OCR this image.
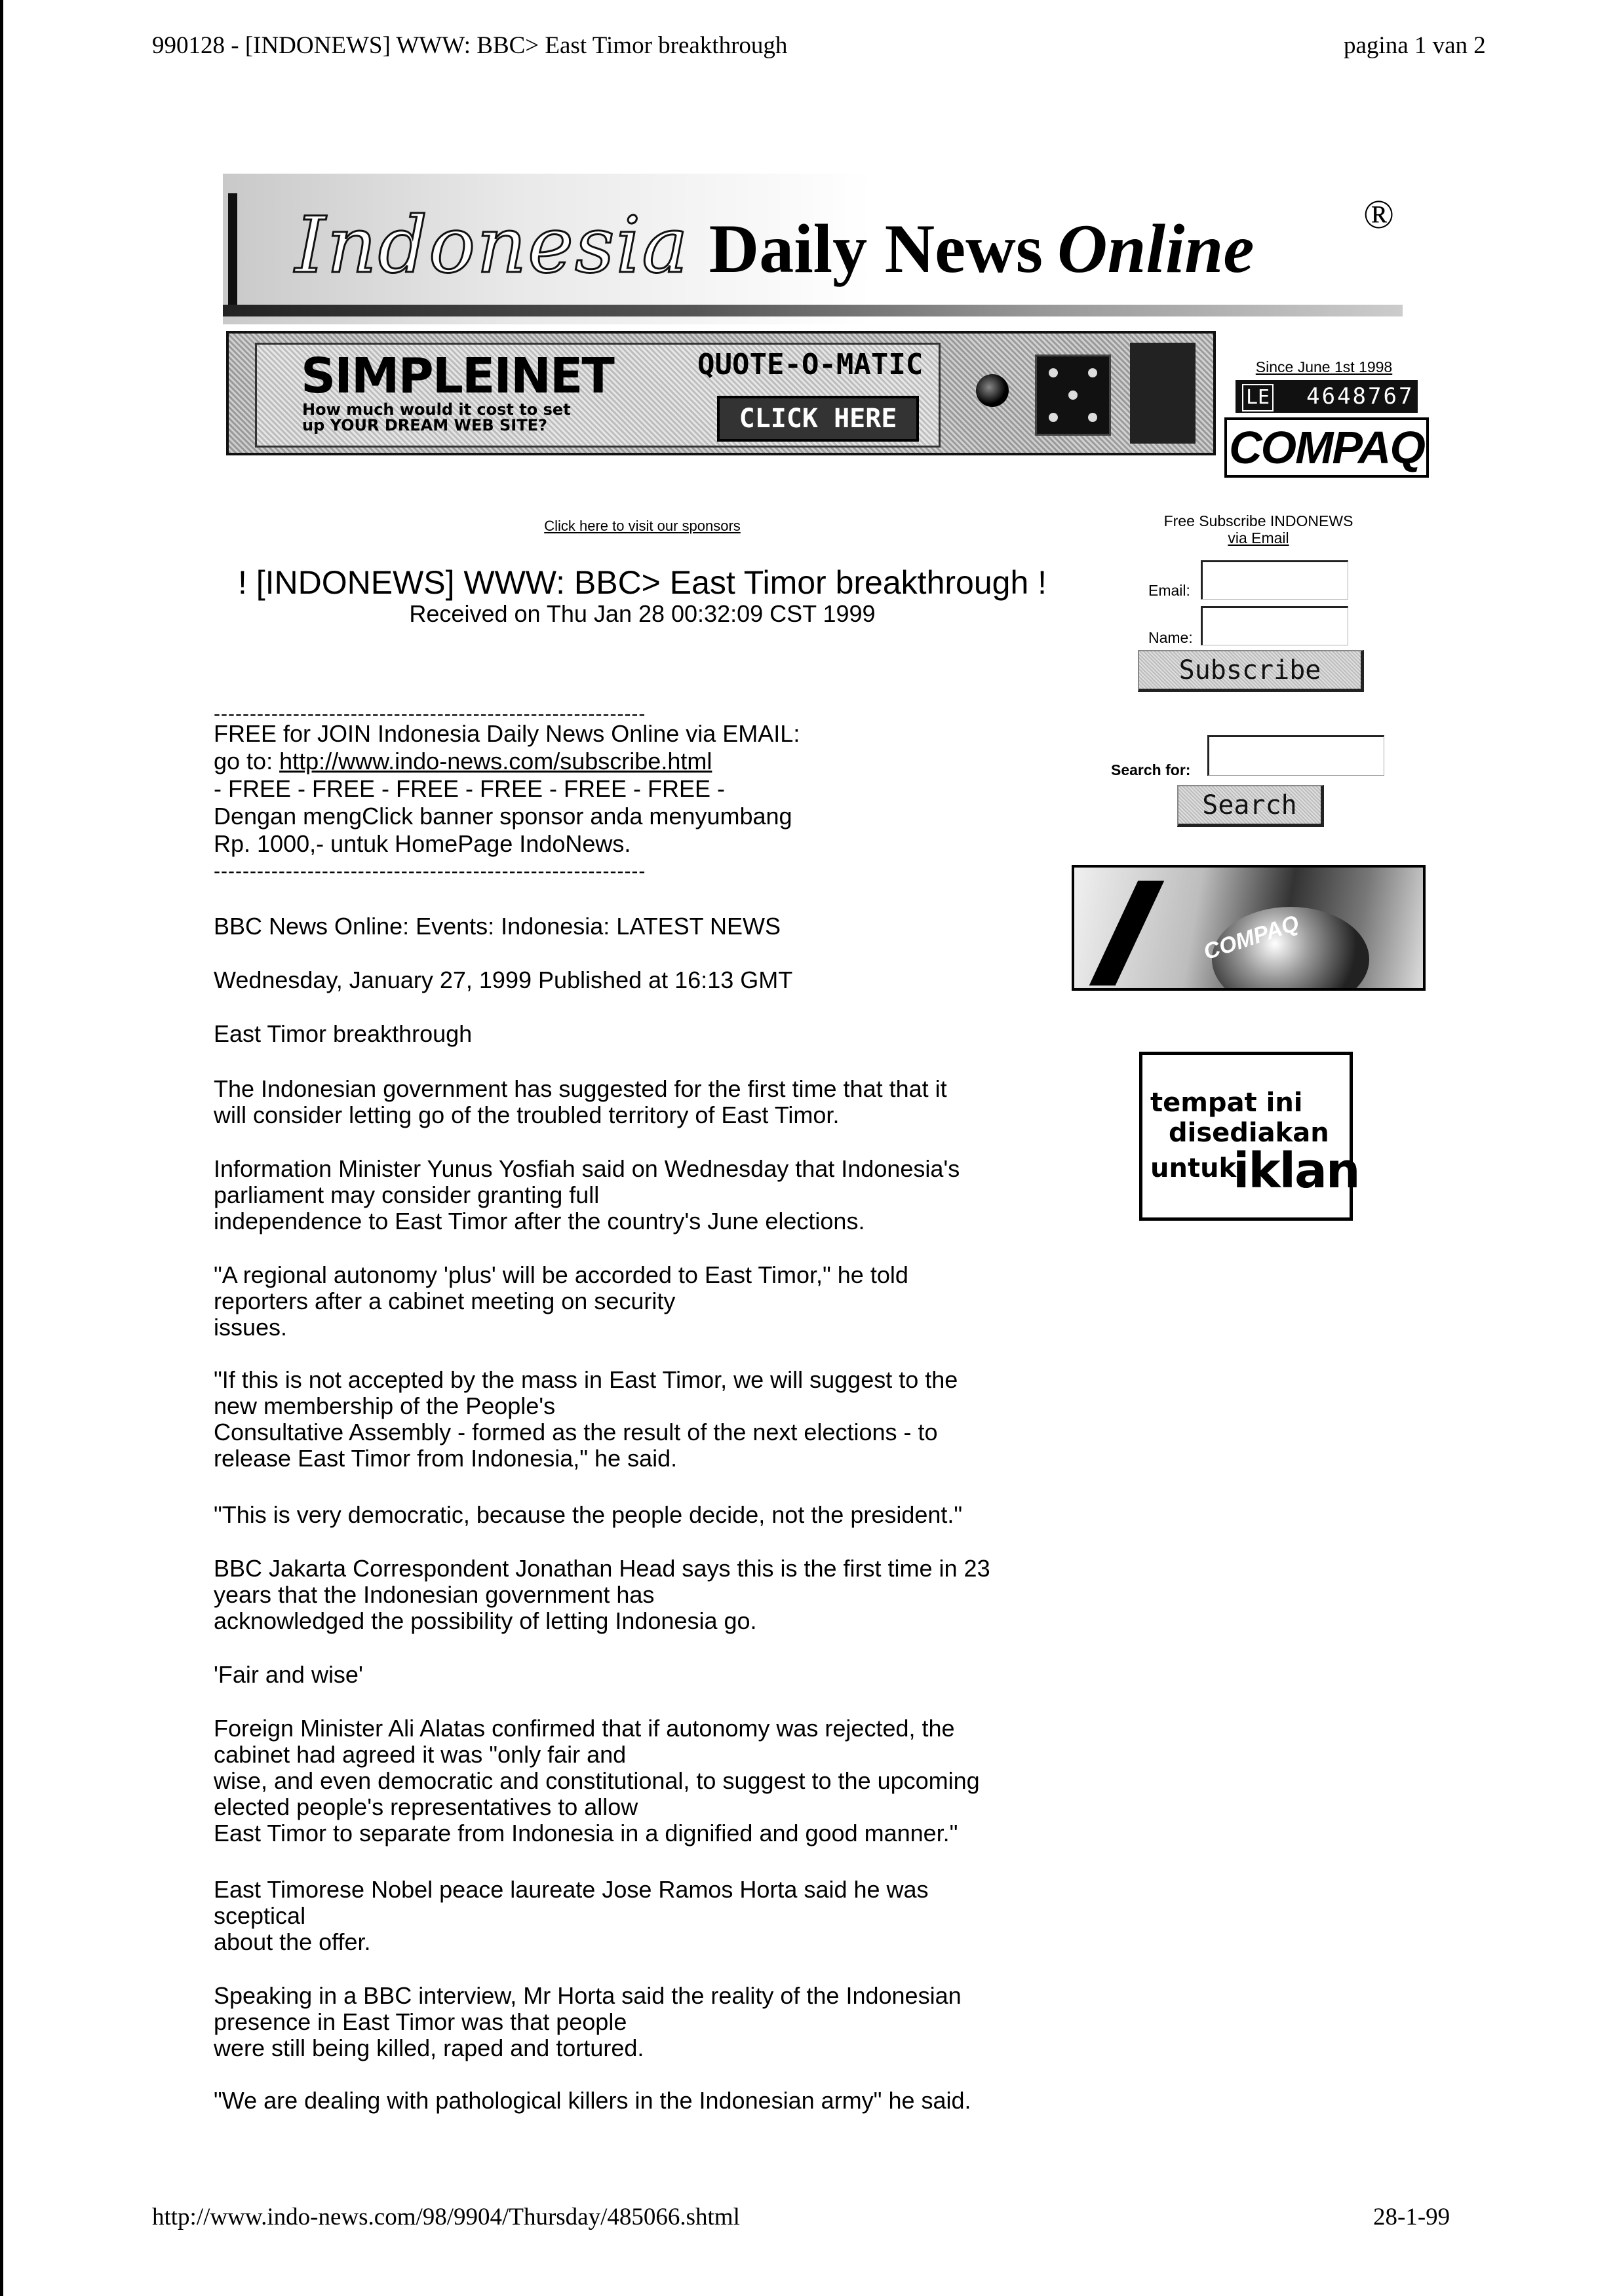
990128 - [INDONEWS] WWW: BBC> East Timor breakthrough	pagina 1 van 2
Indonesia Daily News Online	®
SIMPLEINET
How much would it cost to set up YOUR DREAM WEB SITE?
QUOTE-O-MATIC
CLICK HERE
Since June 1st 1998
LE 4648767
COMPAQ
Click here to visit our sponsors
! [INDONEWS] WWW: BBC> East Timor breakthrough !
Received on Thu Jan 28 00:32:09 CST 1999
Free Subscribe INDONEWS
via Email
Email:
Name:
Subscribe
Search for:
Search
COMPAQ
tempat ini
disediakan
untuk
iklan
------------------------------------------------------------
FREE for JOIN Indonesia Daily News Online via EMAIL:
go to: http://www.indo-news.com/subscribe.html
- FREE - FREE - FREE - FREE - FREE - FREE -
Dengan mengClick banner sponsor anda menyumbang
Rp. 1000,- untuk HomePage IndoNews.
------------------------------------------------------------
BBC News Online: Events: Indonesia: LATEST NEWS
Wednesday, January 27, 1999 Published at 16:13 GMT
East Timor breakthrough
The Indonesian government has suggested for the first time that that it
will consider letting go of the troubled territory of East Timor.
Information Minister Yunus Yosfiah said on Wednesday that Indonesia's
parliament may consider granting full
independence to East Timor after the country's June elections.
"A regional autonomy 'plus' will be accorded to East Timor," he told
reporters after a cabinet meeting on security
issues.
"If this is not accepted by the mass in East Timor, we will suggest to the
new membership of the People's
Consultative Assembly - formed as the result of the next elections - to
release East Timor from Indonesia," he said.
"This is very democratic, because the people decide, not the president."
BBC Jakarta Correspondent Jonathan Head says this is the first time in 23
years that the Indonesian government has
acknowledged the possibility of letting Indonesia go.
'Fair and wise'
Foreign Minister Ali Alatas confirmed that if autonomy was rejected, the
cabinet had agreed it was "only fair and
wise, and even democratic and constitutional, to suggest to the upcoming
elected people's representatives to allow
East Timor to separate from Indonesia in a dignified and good manner."
East Timorese Nobel peace laureate Jose Ramos Horta said he was
sceptical
about the offer.
Speaking in a BBC interview, Mr Horta said the reality of the Indonesian
presence in East Timor was that people
were still being killed, raped and tortured.
"We are dealing with pathological killers in the Indonesian army" he said.
http://www.indo-news.com/98/9904/Thursday/485066.shtml	28-1-99
